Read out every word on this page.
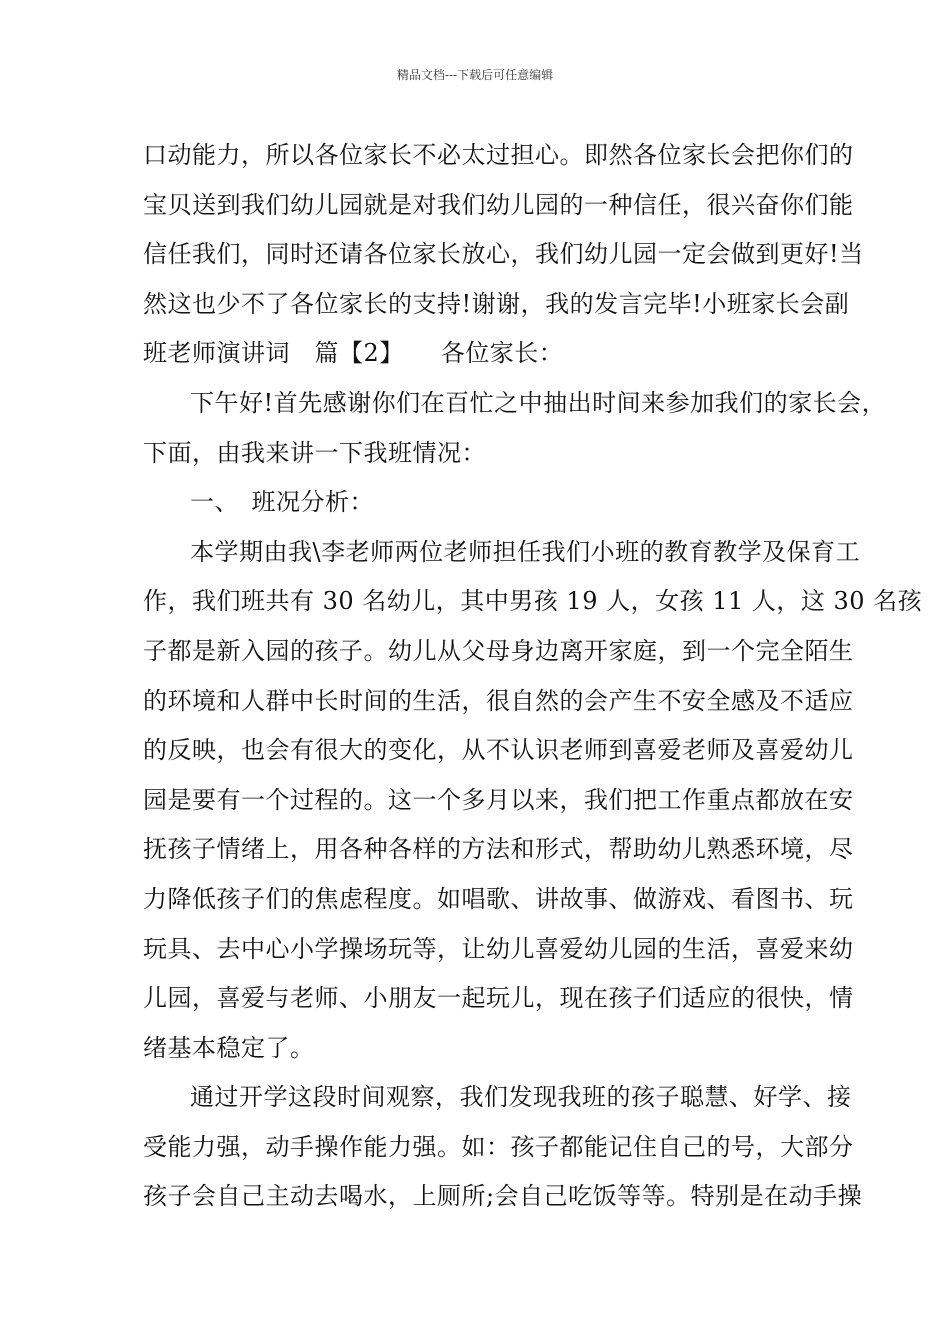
精品文档---下载后可任意编辑
口动能力，所以各位家长不必太过担心。即然各位家长会把你们的
宝贝送到我们幼儿园就是对我们幼儿园的一种信任，很兴奋你们能
信任我们，同时还请各位家长放心，我们幼儿园一定会做到更好!当
然这也少不了各位家长的支持!谢谢，我的发言完毕!小班家长会副
班老师演讲词　篇【2】　　各位家长：
下午好!首先感谢你们在百忙之中抽出时间来参加我们的家长会，
下面，由我来讲一下我班情况：
一、　班况分析：
本学期由我\李老师两位老师担任我们小班的教育教学及保育工
作，我们班共有 30 名幼儿，其中男孩 19 人，女孩 11 人，这 30 名孩
子都是新入园的孩子。幼儿从父母身边离开家庭，到一个完全陌生
的环境和人群中长时间的生活，很自然的会产生不安全感及不适应
的反映，也会有很大的变化，从不认识老师到喜爱老师及喜爱幼儿
园是要有一个过程的。这一个多月以来，我们把工作重点都放在安
抚孩子情绪上，用各种各样的方法和形式，帮助幼儿熟悉环境，尽
力降低孩子们的焦虑程度。如唱歌、讲故事、做游戏、看图书、玩
玩具、去中心小学操场玩等，让幼儿喜爱幼儿园的生活，喜爱来幼
儿园，喜爱与老师、小朋友一起玩儿，现在孩子们适应的很快，情
绪基本稳定了。
通过开学这段时间观察，我们发现我班的孩子聪慧、好学、接
受能力强，动手操作能力强。如：孩子都能记住自己的号，大部分
孩子会自己主动去喝水，上厕所;会自己吃饭等等。特别是在动手操
